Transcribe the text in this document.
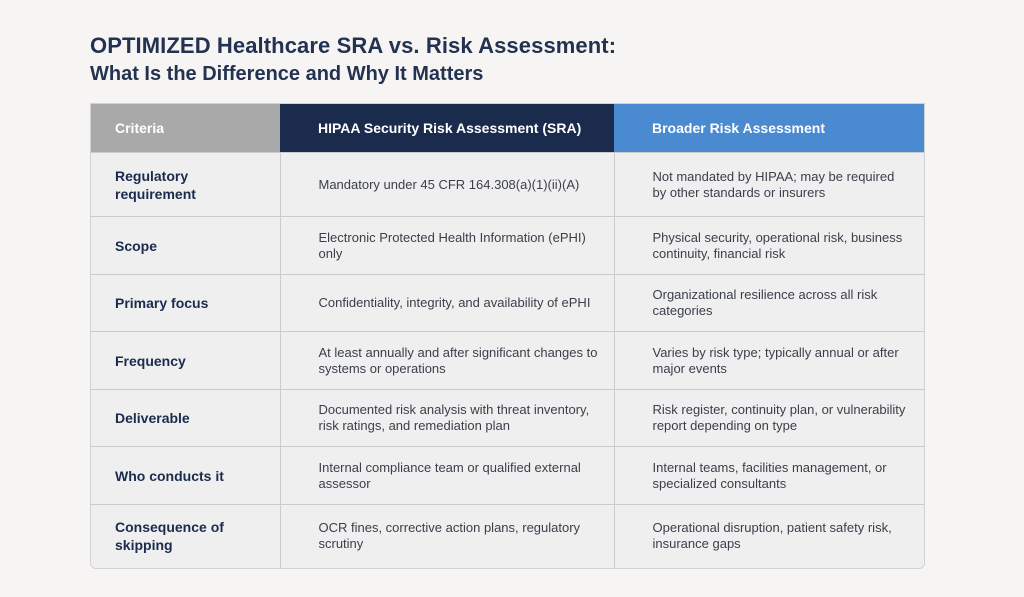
OPTIMIZED Healthcare SRA vs. Risk Assessment:
What Is the Difference and Why It Matters
Criteria	HIPAA Security Risk Assessment (SRA)	Broader Risk Assessment
Regulatory requirement	Mandatory under 45 CFR 164.308(a)(1)(ii)(A)	Not mandated by HIPAA; may be required by other standards or insurers
Scope	Electronic Protected Health Information (ePHI) only	Physical security, operational risk, business continuity, financial risk
Primary focus	Confidentiality, integrity, and availability of ePHI	Organizational resilience across all risk categories
Frequency	At least annually and after significant changes to systems or operations	Varies by risk type; typically annual or after major events
Deliverable	Documented risk analysis with threat inventory, risk ratings, and remediation plan	Risk register, continuity plan, or vulnerability report depending on type
Who conducts it	Internal compliance team or qualified external assessor	Internal teams, facilities management, or specialized consultants
Consequence of skipping	OCR fines, corrective action plans, regulatory scrutiny	Operational disruption, patient safety risk, insurance gaps
